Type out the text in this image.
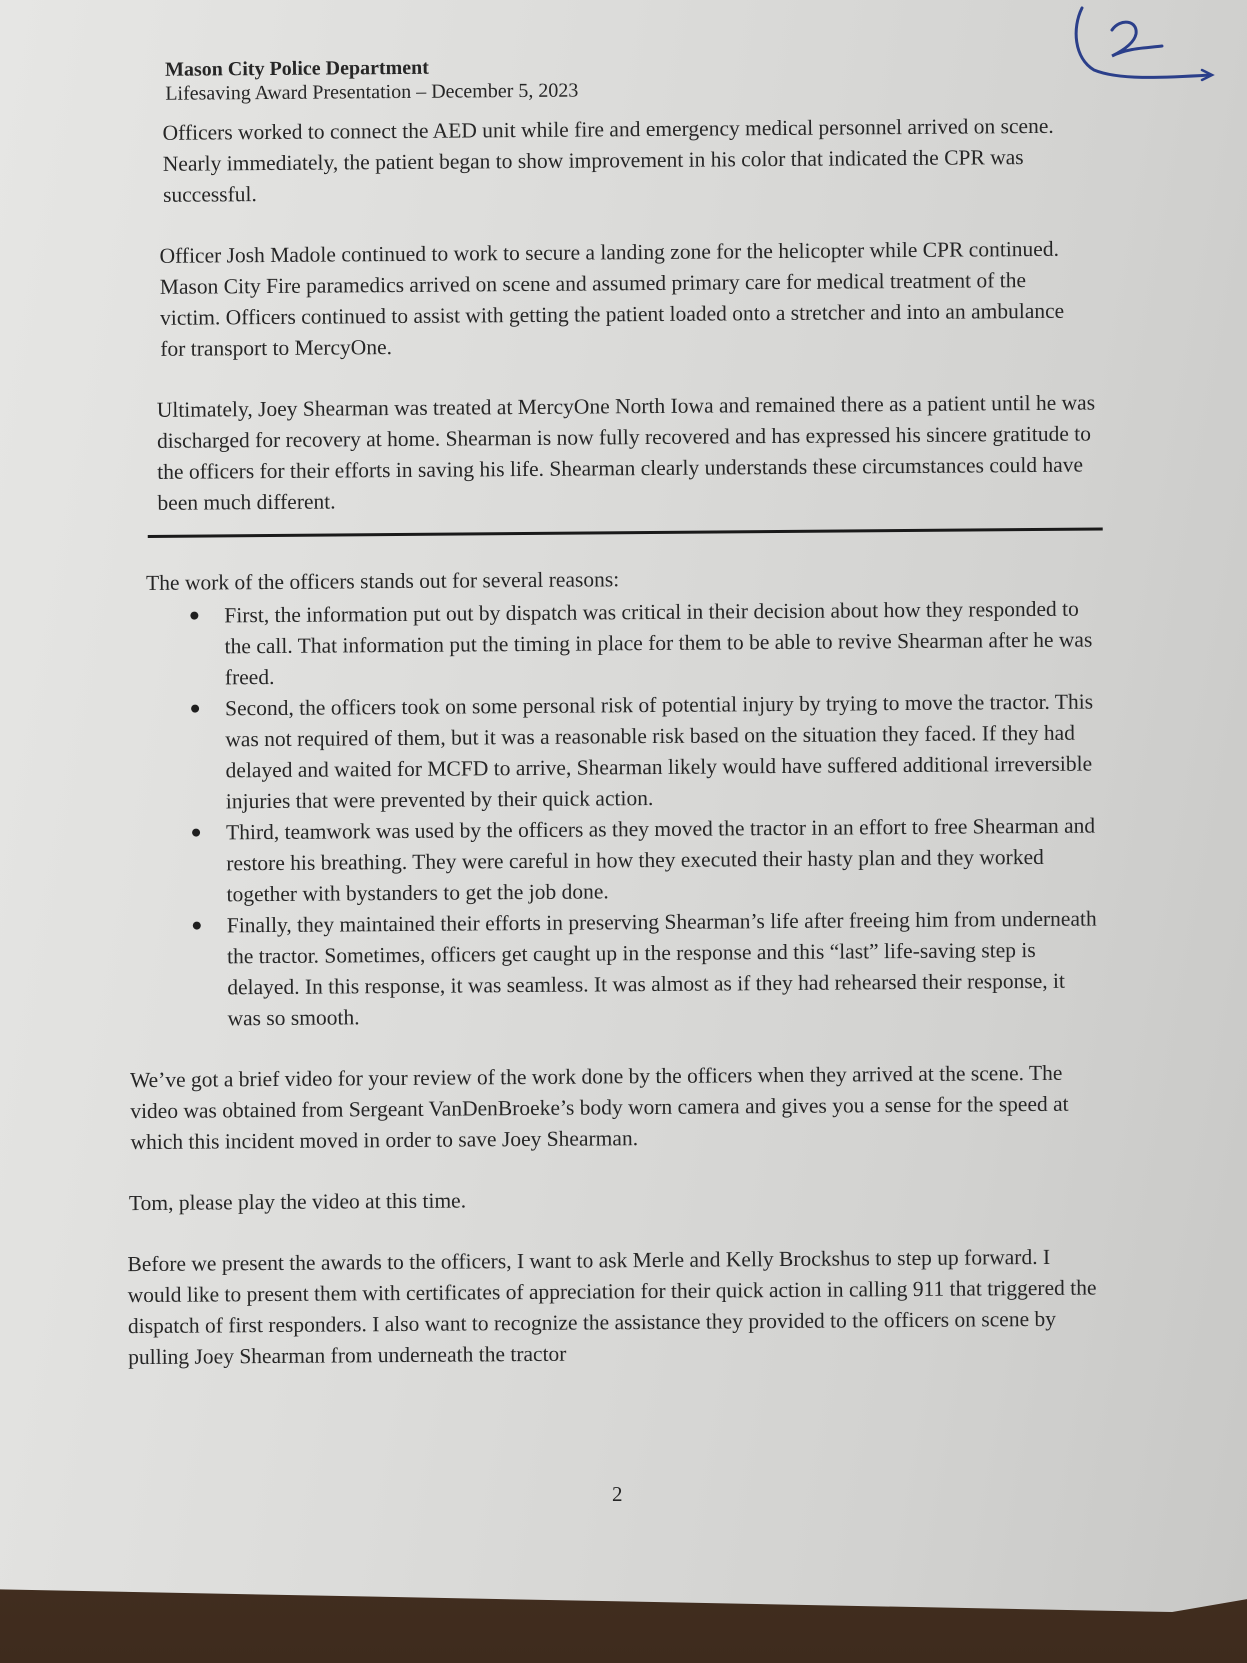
Mason City Police Department
Lifesaving Award Presentation – December 5, 2023

Officers worked to connect the AED unit while fire and emergency medical personnel arrived on scene. Nearly immediately, the patient began to show improvement in his color that indicated the CPR was successful.

Officer Josh Madole continued to work to secure a landing zone for the helicopter while CPR continued. Mason City Fire paramedics arrived on scene and assumed primary care for medical treatment of the victim. Officers continued to assist with getting the patient loaded onto a stretcher and into an ambulance for transport to MercyOne.

Ultimately, Joey Shearman was treated at MercyOne North Iowa and remained there as a patient until he was discharged for recovery at home. Shearman is now fully recovered and has expressed his sincere gratitude to the officers for their efforts in saving his life. Shearman clearly understands these circumstances could have been much different.

The work of the officers stands out for several reasons:
First, the information put out by dispatch was critical in their decision about how they responded to the call. That information put the timing in place for them to be able to revive Shearman after he was freed.
Second, the officers took on some personal risk of potential injury by trying to move the tractor. This was not required of them, but it was a reasonable risk based on the situation they faced. If they had delayed and waited for MCFD to arrive, Shearman likely would have suffered additional irreversible injuries that were prevented by their quick action.
Third, teamwork was used by the officers as they moved the tractor in an effort to free Shearman and restore his breathing. They were careful in how they executed their hasty plan and they worked together with bystanders to get the job done.
Finally, they maintained their efforts in preserving Shearman’s life after freeing him from underneath the tractor. Sometimes, officers get caught up in the response and this “last” life-saving step is delayed. In this response, it was seamless. It was almost as if they had rehearsed their response, it was so smooth.

We’ve got a brief video for your review of the work done by the officers when they arrived at the scene. The video was obtained from Sergeant VanDenBroeke’s body worn camera and gives you a sense for the speed at which this incident moved in order to save Joey Shearman.

Tom, please play the video at this time.

Before we present the awards to the officers, I want to ask Merle and Kelly Brockshus to step up forward. I would like to present them with certificates of appreciation for their quick action in calling 911 that triggered the dispatch of first responders. I also want to recognize the assistance they provided to the officers on scene by pulling Joey Shearman from underneath the tractor

2
